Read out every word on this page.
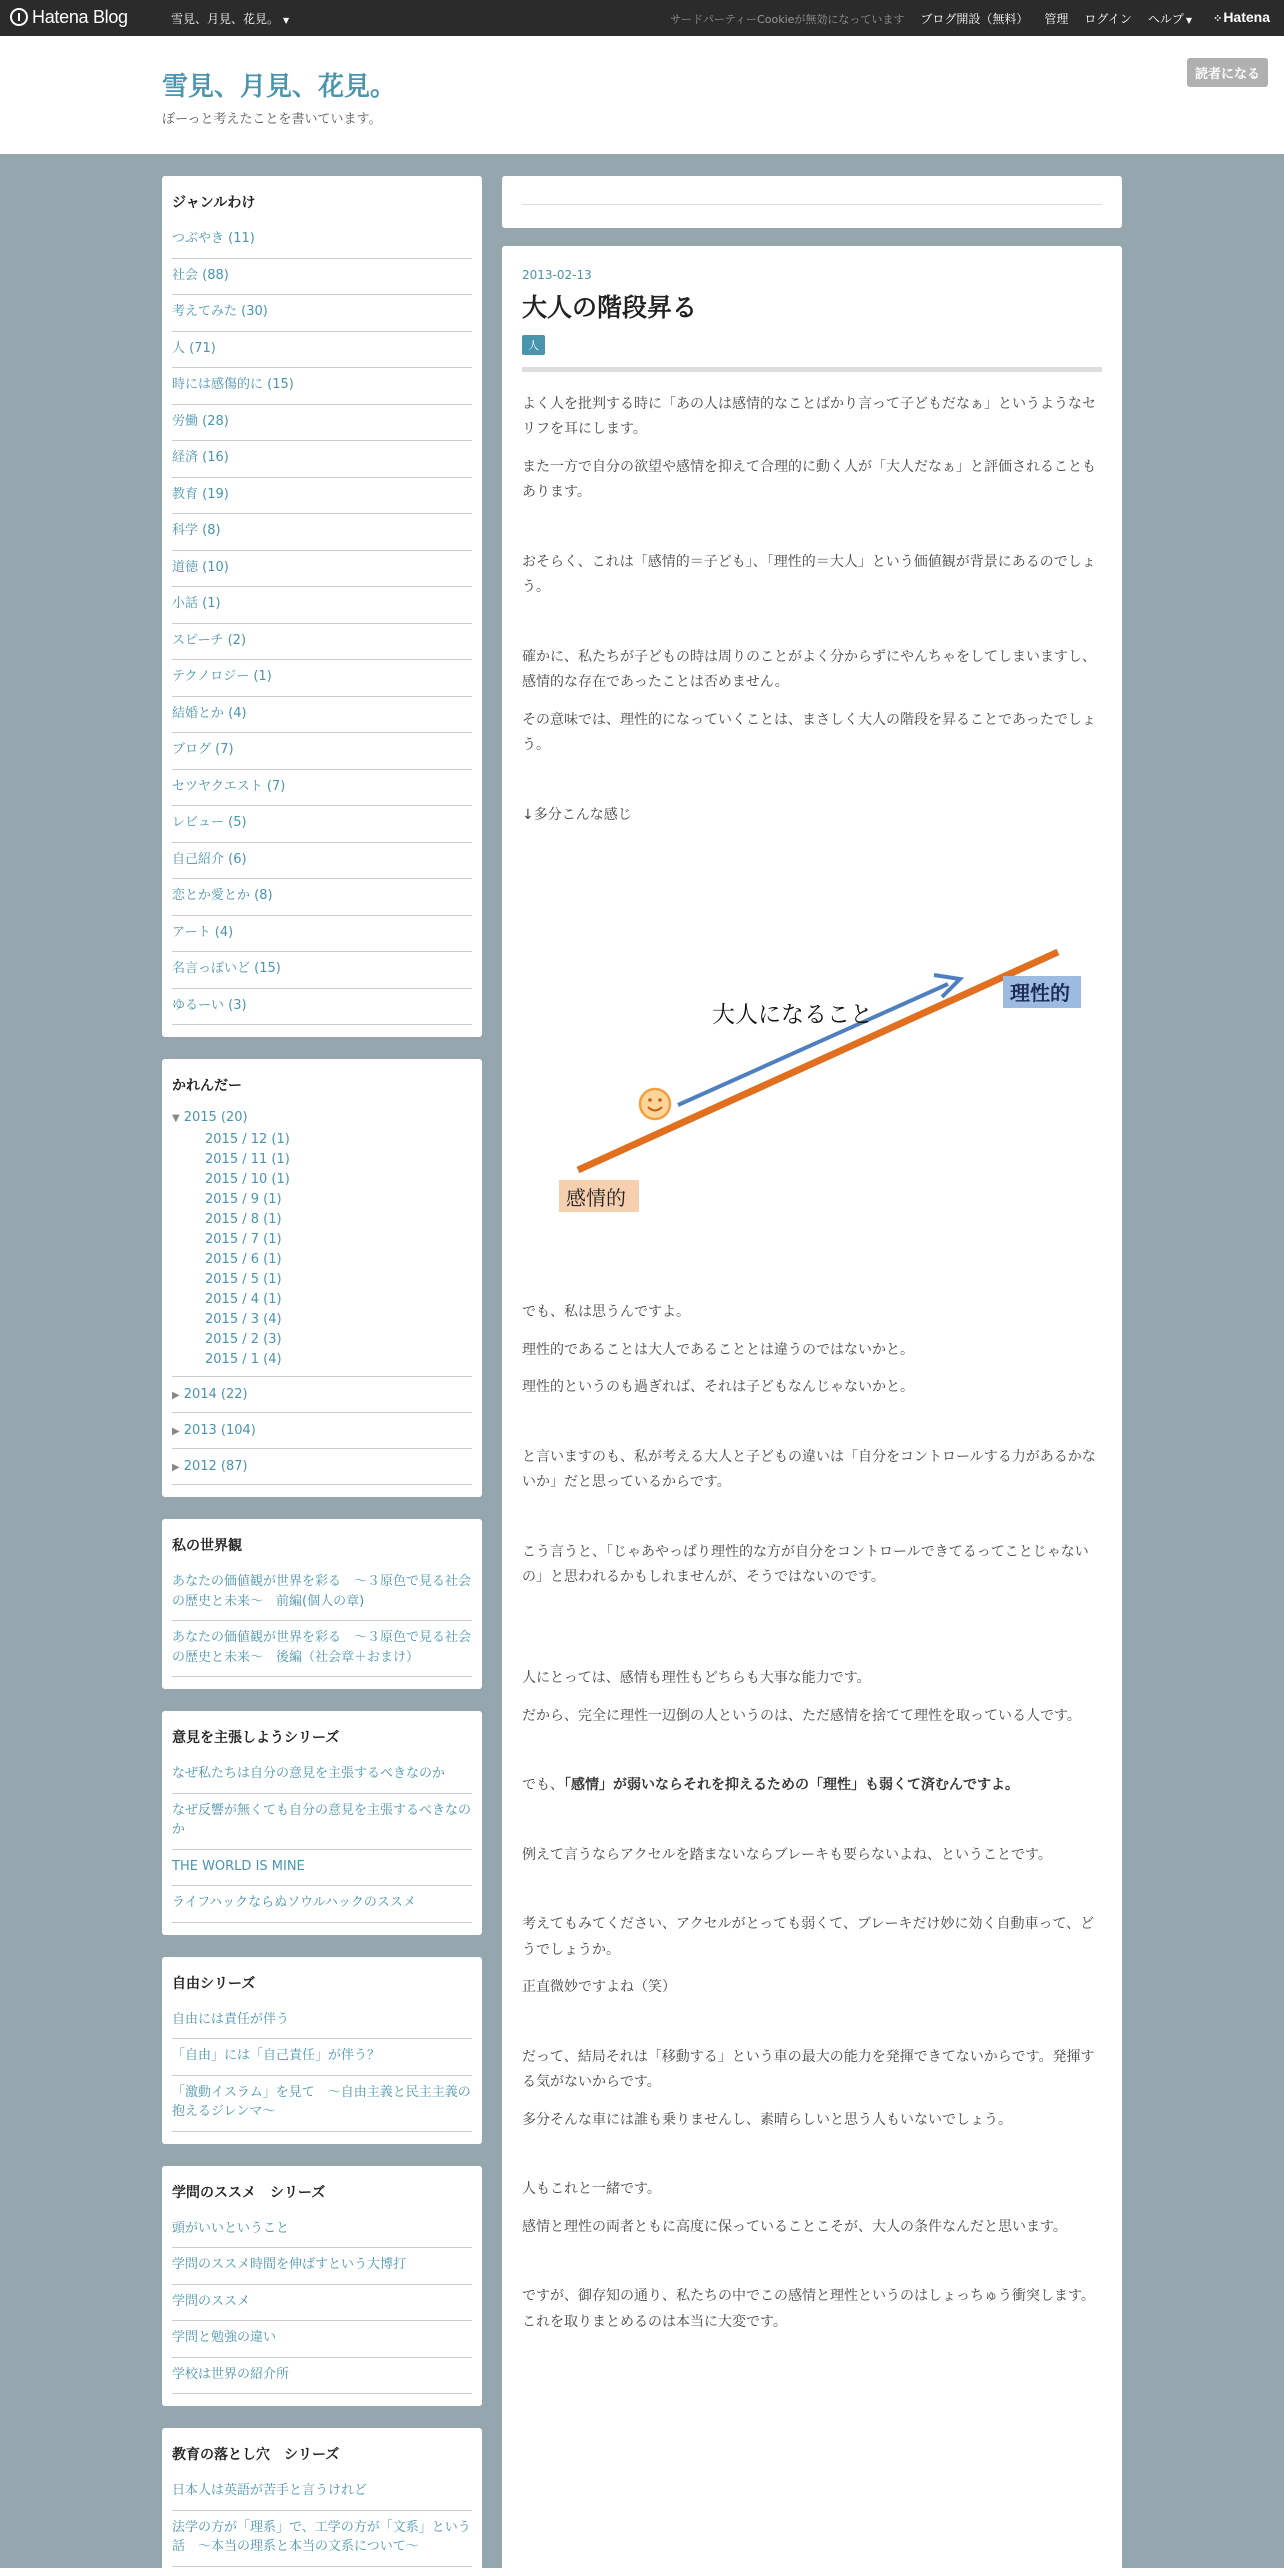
Hatena Blog	雪見、月見、花見。 ▼	サードパーティーCookieが無効になっています ブログ開設（無料） 管理 ログイン ヘルプ ▼ ⁘ Hatena
雪見、月見、花見。
ぼーっと考えたことを書いています。
読者になる
ジャンルわけ
つぶやき (11)
社会 (88)
考えてみた (30)
人 (71)
時には感傷的に (15)
労働 (28)
経済 (16)
教育 (19)
科学 (8)
道徳 (10)
小話 (1)
スピーチ (2)
テクノロジー (1)
結婚とか (4)
ブログ (7)
セツヤクエスト (7)
レビュー (5)
自己紹介 (6)
恋とか愛とか (8)
アート (4)
名言っぽいど (15)
ゆるーい (3)
かれんだー
▼ 2015 (20)
2015 / 12 (1)
2015 / 11 (1)
2015 / 10 (1)
2015 / 9 (1)
2015 / 8 (1)
2015 / 7 (1)
2015 / 6 (1)
2015 / 5 (1)
2015 / 4 (1)
2015 / 3 (4)
2015 / 2 (3)
2015 / 1 (4)
▶ 2014 (22)
▶ 2013 (104)
▶ 2012 (87)
私の世界観
あなたの価値観が世界を彩る　～３原色で見る社会の歴史と未来～　前編(個人の章)
あなたの価値観が世界を彩る　～３原色で見る社会の歴史と未来～　後編（社会章＋おまけ）
意見を主張しようシリーズ
なぜ私たちは自分の意見を主張するべきなのか
なぜ反響が無くても自分の意見を主張するべきなのか
THE WORLD IS MINE
ライフハックならぬソウルハックのススメ
自由シリーズ
自由には責任が伴う
「自由」には「自己責任」が伴う？
「激動イスラム」を見て　～自由主義と民主主義の抱えるジレンマ～
学問のススメ　シリーズ
頭がいいということ
学問のススメ時間を伸ばすという大博打
学問のススメ
学問と勉強の違い
学校は世界の紹介所
教育の落とし穴　シリーズ
日本人は英語が苦手と言うけれど
法学の方が「理系」で、工学の方が「文系」という話　～本当の理系と本当の文系について～
2013-02-13
大人の階段昇る
人

よく人を批判する時に「あの人は感情的なことばかり言って子どもだなぁ」というようなセリフを耳にします。

また一方で自分の欲望や感情を抑えて合理的に動く人が「大人だなぁ」と評価されることもあります。

おそらく、これは「感情的＝子ども」、「理性的＝大人」という価値観が背景にあるのでしょう。

確かに、私たちが子どもの時は周りのことがよく分からずにやんちゃをしてしまいますし、感情的な存在であったことは否めません。

その意味では、理性的になっていくことは、まさしく大人の階段を昇ることであったでしょう。

↓多分こんな感じ

大人になること
理性的
感情的

でも、私は思うんですよ。

理性的であることは大人であることとは違うのではないかと。

理性的というのも過ぎれば、それは子どもなんじゃないかと。

と言いますのも、私が考える大人と子どもの違いは「自分をコントロールする力があるかないか」だと思っているからです。

こう言うと、「じゃあやっぱり理性的な方が自分をコントロールできてるってことじゃないの」と思われるかもしれませんが、そうではないのです。

人にとっては、感情も理性もどちらも大事な能力です。

だから、完全に理性一辺倒の人というのは、ただ感情を捨てて理性を取っている人です。

でも、「感情」が弱いならそれを抑えるための「理性」も弱くて済むんですよ。

例えて言うならアクセルを踏まないならブレーキも要らないよね、ということです。

考えてもみてください、アクセルがとっても弱くて、ブレーキだけ妙に効く自動車って、どうでしょうか。

正直微妙ですよね（笑）

だって、結局それは「移動する」という車の最大の能力を発揮できてないからです。発揮する気がないからです。

多分そんな車には誰も乗りませんし、素晴らしいと思う人もいないでしょう。

人もこれと一緒です。

感情と理性の両者ともに高度に保っていることこそが、大人の条件なんだと思います。

ですが、御存知の通り、私たちの中でこの感情と理性というのはしょっちゅう衝突します。これを取りまとめるのは本当に大変です。
